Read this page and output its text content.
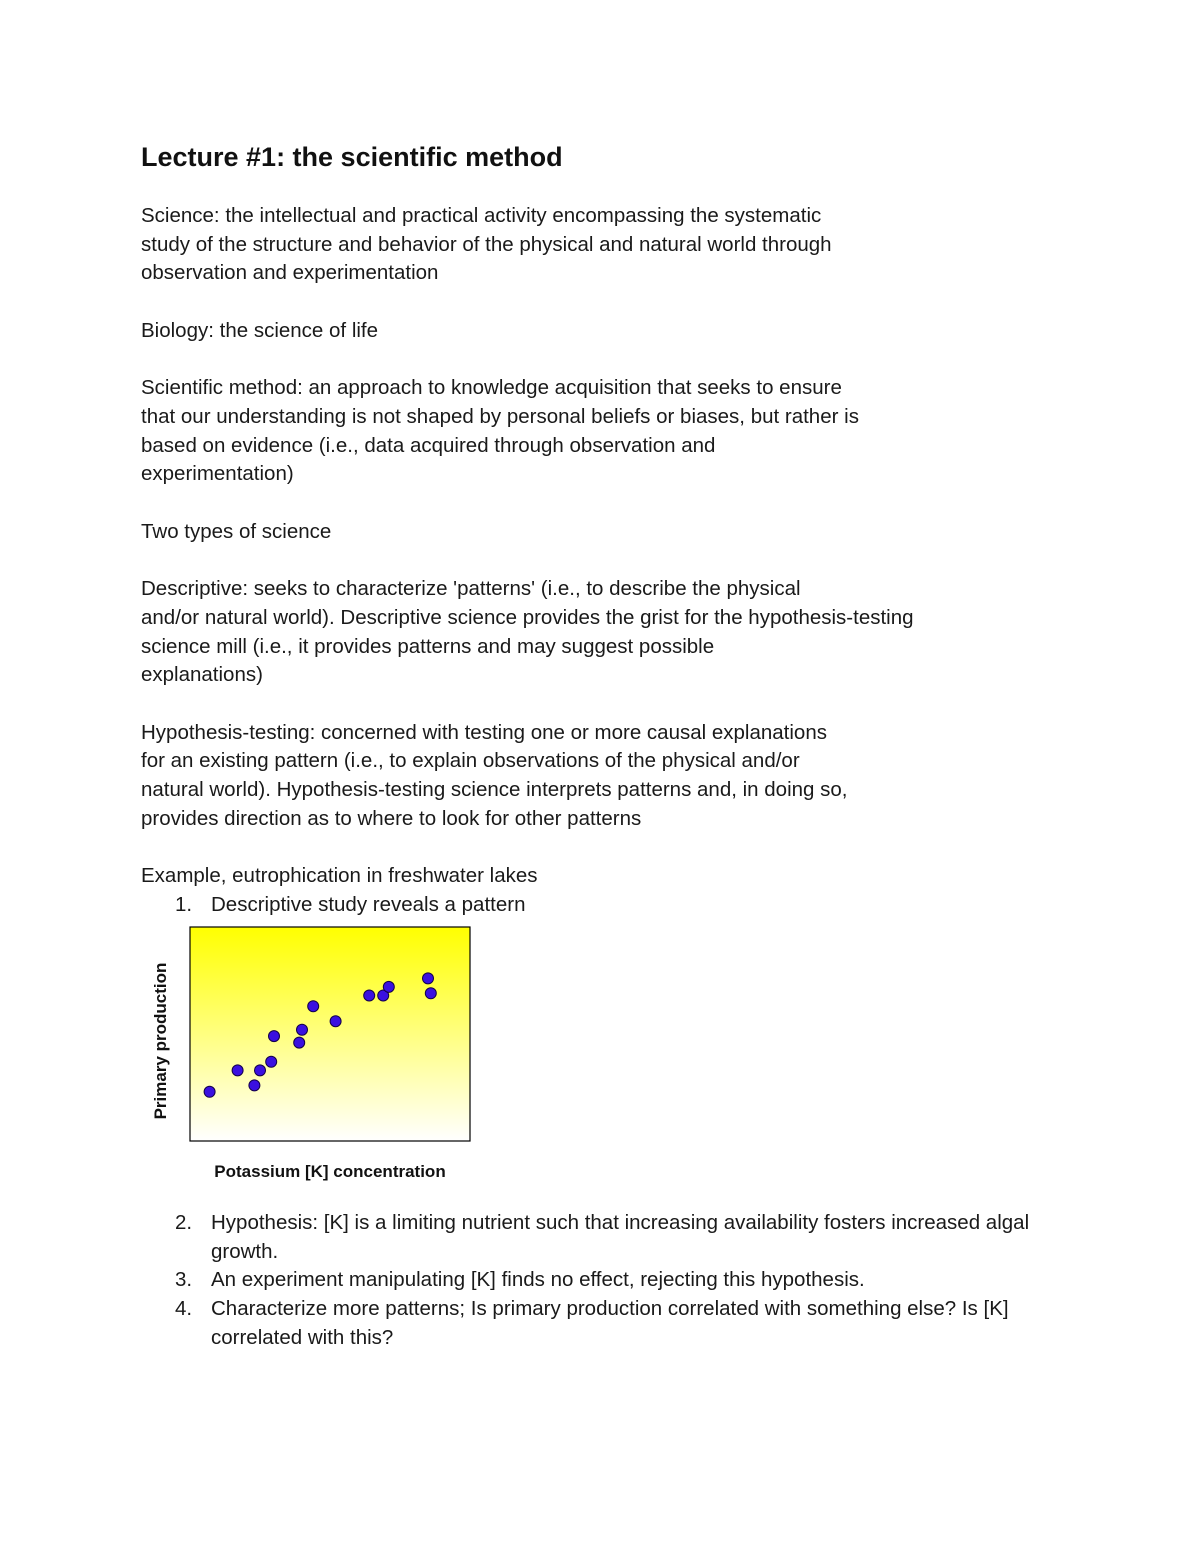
Lecture #1: the scientific method

Science: the intellectual and practical activity encompassing the systematic
study of the structure and behavior of the physical and natural world through
observation and experimentation

Biology: the science of life

Scientific method: an approach to knowledge acquisition that seeks to ensure
that our understanding is not shaped by personal beliefs or biases, but rather is
based on evidence (i.e., data acquired through observation and
experimentation)

Two types of science

Descriptive: seeks to characterize 'patterns' (i.e., to describe the physical
and/or natural world). Descriptive science provides the grist for the hypothesis-testing
science mill (i.e., it provides patterns and may suggest possible
explanations)

Hypothesis-testing: concerned with testing one or more causal explanations
for an existing pattern (i.e., to explain observations of the physical and/or
natural world). Hypothesis-testing science interprets patterns and, in doing so,
provides direction as to where to look for other patterns

Example, eutrophication in freshwater lakes

1. Descriptive study reveals a pattern
Primary production
Potassium [K] concentration
2. Hypothesis: [K] is a limiting nutrient such that increasing availability fosters increased algal growth.
3. An experiment manipulating [K] finds no effect, rejecting this hypothesis.
4. Characterize more patterns; Is primary production correlated with something else? Is [K] correlated with this?
